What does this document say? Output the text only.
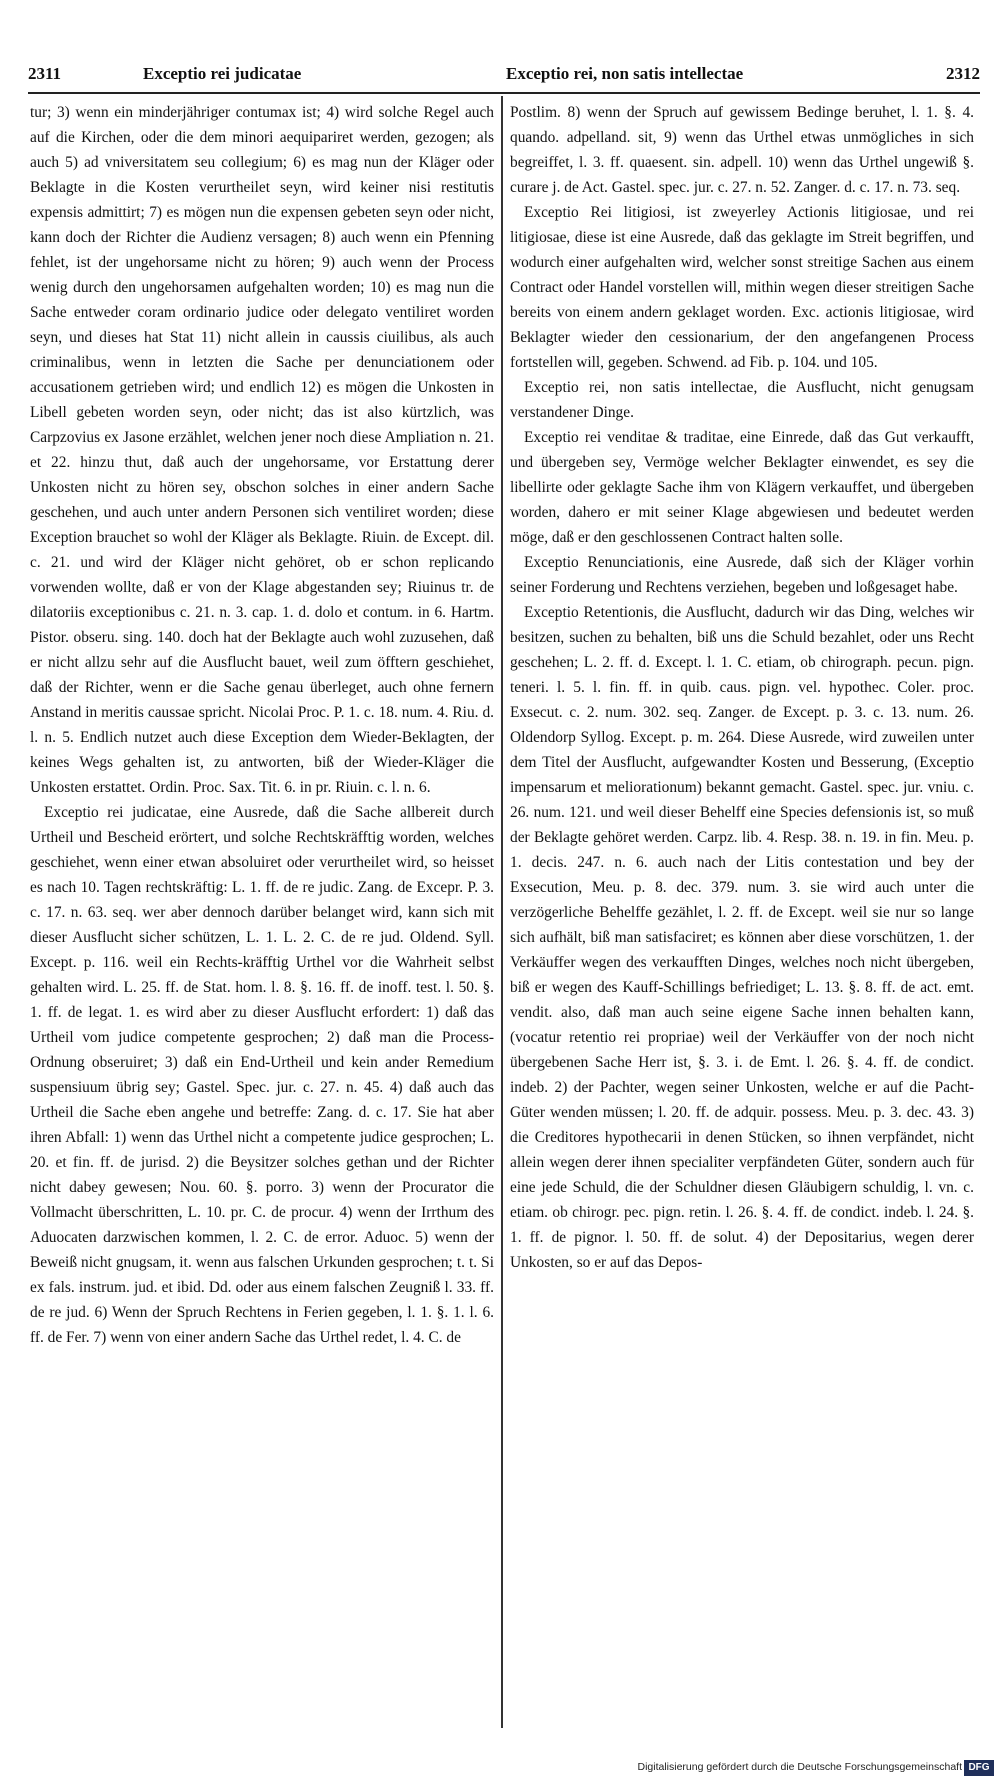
2311	Exceptio rei judicatae	Exceptio rei, non satis intellectae	2312

tur; 3) wenn ein minderjähriger contumax ist; 4) wird solche Regel auch auf die Kirchen, oder die dem minori aequipariret werden, gezogen; als auch 5) ad vniversitatem seu collegium; 6) es mag nun der Kläger oder Beklagte in die Kosten verurtheilet seyn, wird keiner nisi restitutis expensis admittirt; 7) es mögen nun die expensen gebeten seyn oder nicht, kann doch der Richter die Audienz versagen; 8) auch wenn ein Pfenning fehlet, ist der ungehorsame nicht zu hören; 9) auch wenn der Process wenig durch den ungehorsamen aufgehalten worden; 10) es mag nun die Sache entweder coram ordinario judice oder delegato ventiliret worden seyn, und dieses hat Stat 11) nicht allein in caussis ciuilibus, als auch criminalibus, wenn in letzten die Sache per denunciationem oder accusationem getrieben wird; und endlich 12) es mögen die Unkosten in Libell gebeten worden seyn, oder nicht; das ist also kürtzlich, was Carpzovius ex Jasone erzählet, welchen jener noch diese Ampliation n. 21. et 22. hinzu thut, daß auch der ungehorsame, vor Erstattung derer Unkosten nicht zu hören sey, obschon solches in einer andern Sache geschehen, und auch unter andern Personen sich ventiliret worden; diese Exception brauchet so wohl der Kläger als Beklagte. Riuin. de Except. dil. c. 21. und wird der Kläger nicht gehöret, ob er schon replicando vorwenden wollte, daß er von der Klage abgestanden sey; Riuinus tr. de dilatoriis exceptionibus c. 21. n. 3. cap. 1. d. dolo et contum. in 6. Hartm. Pistor. obseru. sing. 140. doch hat der Beklagte auch wohl zuzusehen, daß er nicht allzu sehr auf die Ausflucht bauet, weil zum öfftern geschiehet, daß der Richter, wenn er die Sache genau überleget, auch ohne fernern Anstand in meritis caussae spricht. Nicolai Proc. P. 1. c. 18. num. 4. Riu. d. l. n. 5. Endlich nutzet auch diese Exception dem Wieder-Beklagten, der keines Wegs gehalten ist, zu antworten, biß der Wieder-Kläger die Unkosten erstattet. Ordin. Proc. Sax. Tit. 6. in pr. Riuin. c. l. n. 6.

Exceptio rei judicatae, eine Ausrede, daß die Sache allbereit durch Urtheil und Bescheid erörtert, und solche Rechtskräfftig worden, welches geschiehet, wenn einer etwan absoluiret oder verurtheilet wird, so heisset es nach 10. Tagen rechtskräftig: L. 1. ff. de re judic. Zang. de Excepr. P. 3. c. 17. n. 63. seq. wer aber dennoch darüber belanget wird, kann sich mit dieser Ausflucht sicher schützen, L. 1. L. 2. C. de re jud. Oldend. Syll. Except. p. 116. weil ein Rechts-kräfftig Urthel vor die Wahrheit selbst gehalten wird. L. 25. ff. de Stat. hom. l. 8. §. 16. ff. de inoff. test. l. 50. §. 1. ff. de legat. 1. es wird aber zu dieser Ausflucht erfordert: 1) daß das Urtheil vom judice competente gesprochen; 2) daß man die Process-Ordnung obseruiret; 3) daß ein End-Urtheil und kein ander Remedium suspensiuum übrig sey; Gastel. Spec. jur. c. 27. n. 45. 4) daß auch das Urtheil die Sache eben angehe und betreffe: Zang. d. c. 17. Sie hat aber ihren Abfall: 1) wenn das Urthel nicht a competente judice gesprochen; L. 20. et fin. ff. de jurisd. 2) die Beysitzer solches gethan und der Richter nicht dabey gewesen; Nou. 60. §. porro. 3) wenn der Procurator die Vollmacht überschritten, L. 10. pr. C. de procur. 4) wenn der Irrthum des Aduocaten darzwischen kommen, l. 2. C. de error. Aduoc. 5) wenn der Beweiß nicht gnugsam, it. wenn aus falschen Urkunden gesprochen; t. t. Si ex fals. instrum. jud. et ibid. Dd. oder aus einem falschen Zeugniß l. 33. ff. de re jud. 6) Wenn der Spruch Rechtens in Ferien gegeben, l. 1. §. 1. l. 6. ff. de Fer. 7) wenn von einer andern Sache das Urthel redet, l. 4. C. de

Postlim. 8) wenn der Spruch auf gewissem Bedinge beruhet, l. 1. §. 4. quando. adpelland. sit, 9) wenn das Urthel etwas unmögliches in sich begreiffet, l. 3. ff. quaesent. sin. adpell. 10) wenn das Urthel ungewiß §. curare j. de Act. Gastel. spec. jur. c. 27. n. 52. Zanger. d. c. 17. n. 73. seq.

Exceptio Rei litigiosi, ist zweyerley Actionis litigiosae, und rei litigiosae, diese ist eine Ausrede, daß das geklagte im Streit begriffen, und wodurch einer aufgehalten wird, welcher sonst streitige Sachen aus einem Contract oder Handel vorstellen will, mithin wegen dieser streitigen Sache bereits von einem andern geklaget worden. Exc. actionis litigiosae, wird Beklagter wieder den cessionarium, der den angefangenen Process fortstellen will, gegeben. Schwend. ad Fib. p. 104. und 105.

Exceptio rei, non satis intellectae, die Ausflucht, nicht genugsam verstandener Dinge.

Exceptio rei venditae & traditae, eine Einrede, daß das Gut verkaufft, und übergeben sey, Vermöge welcher Beklagter einwendet, es sey die libellirte oder geklagte Sache ihm von Klägern verkauffet, und übergeben worden, dahero er mit seiner Klage abgewiesen und bedeutet werden möge, daß er den geschlossenen Contract halten solle.

Exceptio Renunciationis, eine Ausrede, daß sich der Kläger vorhin seiner Forderung und Rechtens verziehen, begeben und loßgesaget habe.

Exceptio Retentionis, die Ausflucht, dadurch wir das Ding, welches wir besitzen, suchen zu behalten, biß uns die Schuld bezahlet, oder uns Recht geschehen; L. 2. ff. d. Except. l. 1. C. etiam, ob chirograph. pecun. pign. teneri. l. 5. l. fin. ff. in quib. caus. pign. vel. hypothec. Coler. proc. Exsecut. c. 2. num. 302. seq. Zanger. de Except. p. 3. c. 13. num. 26. Oldendorp Syllog. Except. p. m. 264. Diese Ausrede, wird zuweilen unter dem Titel der Ausflucht, aufgewandter Kosten und Besserung, (Exceptio impensarum et meliorationum) bekannt gemacht. Gastel. spec. jur. vniu. c. 26. num. 121. und weil dieser Behelff eine Species defensionis ist, so muß der Beklagte gehöret werden. Carpz. lib. 4. Resp. 38. n. 19. in fin. Meu. p. 1. decis. 247. n. 6. auch nach der Litis contestation und bey der Exsecution, Meu. p. 8. dec. 379. num. 3. sie wird auch unter die verzögerliche Behelffe gezählet, l. 2. ff. de Except. weil sie nur so lange sich aufhält, biß man satisfaciret; es können aber diese vorschützen, 1. der Verkäuffer wegen des verkaufften Dinges, welches noch nicht übergeben, biß er wegen des Kauff-Schillings befriediget; L. 13. §. 8. ff. de act. emt. vendit. also, daß man auch seine eigene Sache innen behalten kann, (vocatur retentio rei propriae) weil der Verkäuffer von der noch nicht übergebenen Sache Herr ist, §. 3. i. de Emt. l. 26. §. 4. ff. de condict. indeb. 2) der Pachter, wegen seiner Unkosten, welche er auf die Pacht-Güter wenden müssen; l. 20. ff. de adquir. possess. Meu. p. 3. dec. 43. 3) die Creditores hypothecarii in denen Stücken, so ihnen verpfändet, nicht allein wegen derer ihnen specialiter verpfändeten Güter, sondern auch für eine jede Schuld, die der Schuldner diesen Gläubigern schuldig, l. vn. c. etiam. ob chirogr. pec. pign. retin. l. 26. §. 4. ff. de condict. indeb. l. 24. §. 1. ff. de pignor. l. 50. ff. de solut. 4) der Depositarius, wegen derer Unkosten, so er auf das Depos-

Digitalisierung gefördert durch die Deutsche Forschungsgemeinschaft DFG
